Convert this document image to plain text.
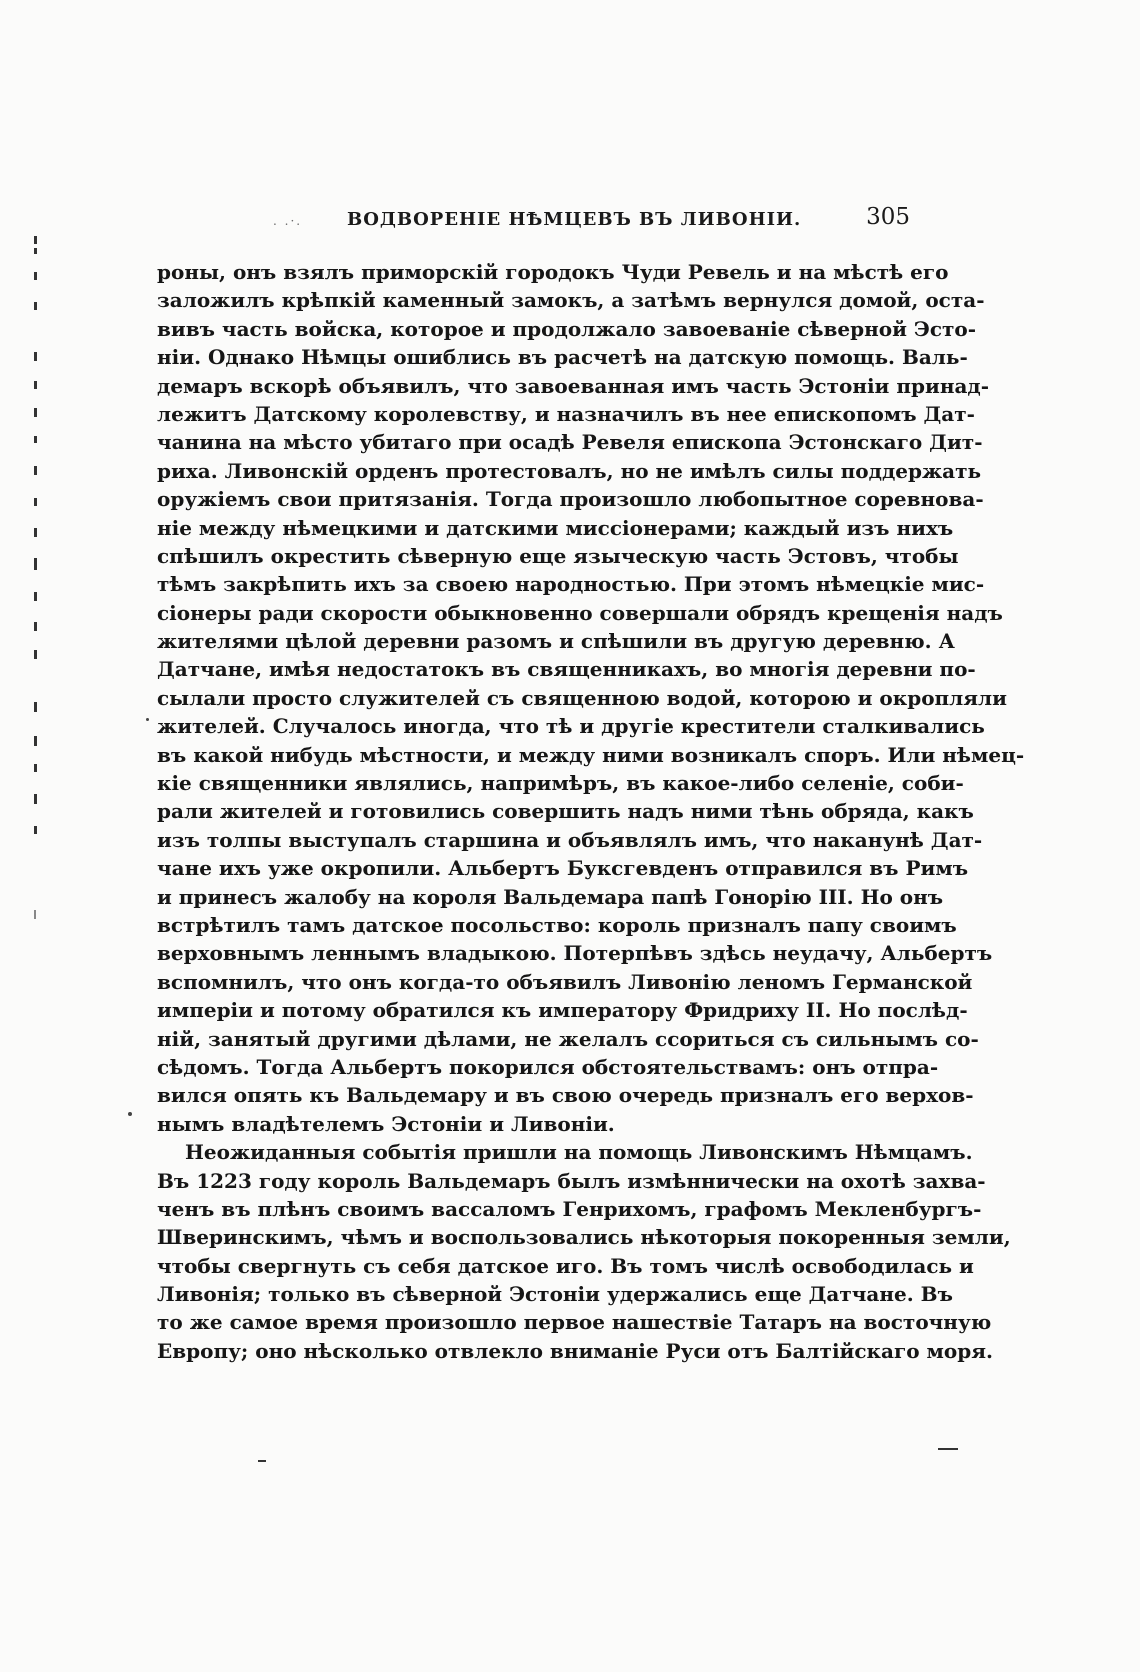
. .·. ВОДВОРЕНІЕ НѢМЦЕВЪ ВЪ ЛИВОНІИ.	305
роны, онъ взялъ приморскій городокъ Чуди Ревель и на мѣстѣ его
заложилъ крѣпкій каменный замокъ, а затѣмъ вернулся домой, оста-
вивъ часть войска, которое и продолжало завоеваніе сѣверной Эсто-
ніи. Однако Нѣмцы ошиблись въ расчетѣ на датскую помощь. Валь-
демаръ вскорѣ объявилъ, что завоеванная имъ часть Эстоніи принад-
лежитъ Датскому королевству, и назначилъ въ нее епископомъ Дат-
чанина на мѣсто убитаго при осадѣ Ревеля епископа Эстонскаго Дит-
риха. Ливонскій орденъ протестовалъ, но не имѣлъ силы поддержать
оружіемъ свои притязанія. Тогда произошло любопытное соревнова-
ніе между нѣмецкими и датскими миссіонерами; каждый изъ нихъ
спѣшилъ окрестить сѣверную еще языческую часть Эстовъ, чтобы
тѣмъ закрѣпить ихъ за своею народностью. При этомъ нѣмецкіе мис-
сіонеры ради скорости обыкновенно совершали обрядъ крещенія надъ
жителями цѣлой деревни разомъ и спѣшили въ другую деревню. А
Датчане, имѣя недостатокъ въ священникахъ, во многія деревни по-
сылали просто служителей съ священною водой, которою и окропляли
жителей. Случалось иногда, что тѣ и другіе крестители сталкивались
въ какой нибудь мѣстности, и между ними возникалъ споръ. Или нѣмец-
кіе священники являлись, напримѣръ, въ какое-либо селеніе, соби-
рали жителей и готовились совершить надъ ними тѣнь обряда, какъ
изъ толпы выступалъ старшина и объявлялъ имъ, что наканунѣ Дат-
чане ихъ уже окропили. Альбертъ Буксгевденъ отправился въ Римъ
и принесъ жалобу на короля Вальдемара папѣ Гонорію III. Но онъ
встрѣтилъ тамъ датское посольство: король призналъ папу своимъ
верховнымъ леннымъ владыкою. Потерпѣвъ здѣсь неудачу, Альбертъ
вспомнилъ, что онъ когда-то объявилъ Ливонію леномъ Германской
имперіи и потому обратился къ императору Фридриху II. Но послѣд-
ній, занятый другими дѣлами, не желалъ ссориться съ сильнымъ со-
сѣдомъ. Тогда Альбертъ покорился обстоятельствамъ: онъ отпра-
вился опять къ Вальдемару и въ свою очередь призналъ его верхов-
нымъ владѣтелемъ Эстоніи и Ливоніи.
Неожиданныя событія пришли на помощь Ливонскимъ Нѣмцамъ.
Въ 1223 году король Вальдемаръ былъ измѣннически на охотѣ захва-
ченъ въ плѣнъ своимъ вассаломъ Генрихомъ, графомъ Мекленбургъ-
Шверинскимъ, чѣмъ и воспользовались нѣкоторыя покоренныя земли,
чтобы свергнуть съ себя датское иго. Въ томъ числѣ освободилась и
Ливонія; только въ сѣверной Эстоніи удержались еще Датчане. Въ
то же самое время произошло первое нашествіе Татаръ на восточную
Европу; оно нѣсколько отвлекло вниманіе Руси отъ Балтійскаго моря.
